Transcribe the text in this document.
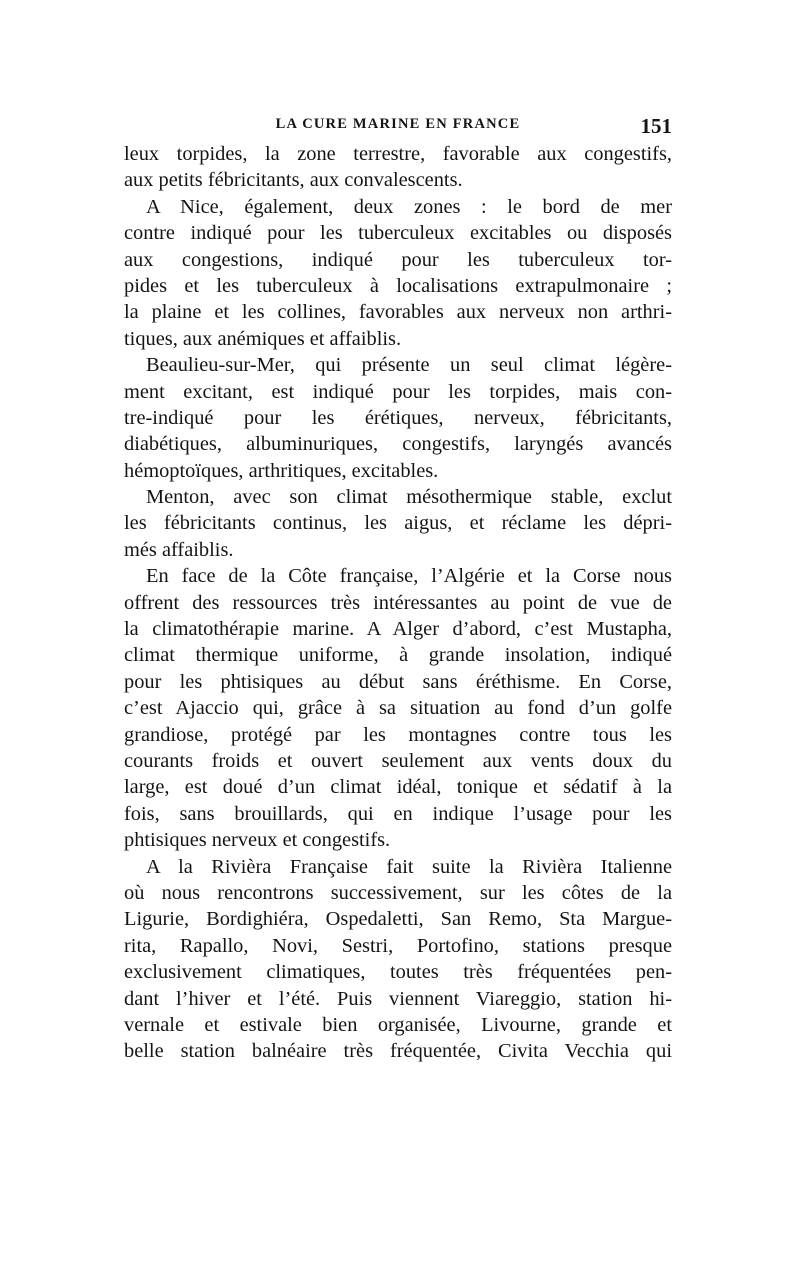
LA CURE MARINE EN FRANCE	151
leux torpides, la zone terrestre, favorable aux congestifs,
aux petits fébricitants, aux convalescents.
A Nice, également, deux zones : le bord de mer
contre indiqué pour les tuberculeux excitables ou disposés
aux congestions, indiqué pour les tuberculeux tor-
pides et les tuberculeux à localisations extrapulmonaire ;
la plaine et les collines, favorables aux nerveux non arthri-
tiques, aux anémiques et affaiblis.
Beaulieu-sur-Mer, qui présente un seul climat légère-
ment excitant, est indiqué pour les torpides, mais con-
tre-indiqué pour les érétiques, nerveux, fébricitants,
diabétiques, albuminuriques, congestifs, laryngés avancés
hémoptoïques, arthritiques, excitables.
Menton, avec son climat mésothermique stable, exclut
les fébricitants continus, les aigus, et réclame les dépri-
més affaiblis.
En face de la Côte française, l’Algérie et la Corse nous
offrent des ressources très intéressantes au point de vue de
la climatothérapie marine. A Alger d’abord, c’est Mustapha,
climat thermique uniforme, à grande insolation, indiqué
pour les phtisiques au début sans éréthisme. En Corse,
c’est Ajaccio qui, grâce à sa situation au fond d’un golfe
grandiose, protégé par les montagnes contre tous les
courants froids et ouvert seulement aux vents doux du
large, est doué d’un climat idéal, tonique et sédatif à la
fois, sans brouillards, qui en indique l’usage pour les
phtisiques nerveux et congestifs.
A la Rivièra Française fait suite la Rivièra Italienne
où nous rencontrons successivement, sur les côtes de la
Ligurie, Bordighiéra, Ospedaletti, San Remo, Sta Margue-
rita, Rapallo, Novi, Sestri, Portofino, stations presque
exclusivement climatiques, toutes très fréquentées pen-
dant l’hiver et l’été. Puis viennent Viareggio, station hi-
vernale et estivale bien organisée, Livourne, grande et
belle station balnéaire très fréquentée, Civita Vecchia qui
